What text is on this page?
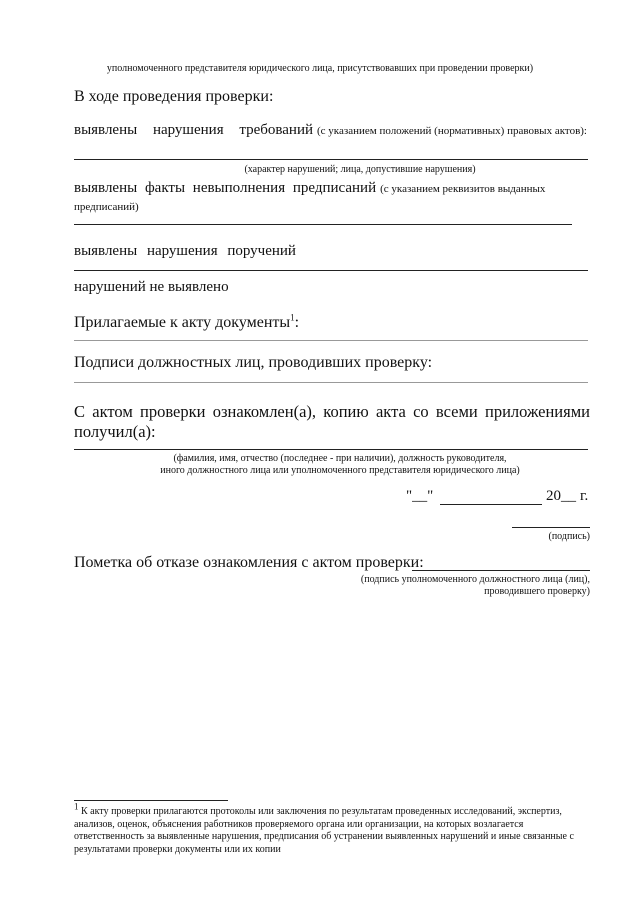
уполномоченного представителя юридического лица, присутствовавших при проведении проверки)
В ходе проведения проверки:
выявлены нарушения требований (с указанием положений (нормативных) правовых актов):
(характер нарушений; лица, допустившие нарушения)
выявлены факты невыполнения предписаний (с указанием реквизитов выданных предписаний)
выявлены нарушения поручений
нарушений не выявлено
Прилагаемые к акту документы$^1$:
Подписи должностных лиц, проводивших проверку:
С актом проверки ознакомлен(а), копию акта со всеми приложениями получил(а):
(фамилия, имя, отчество (последнее - при наличии), должность руководителя,
иного должностного лица или уполномоченного представителя юридического лица)
"__"	20__ г.
(подпись)
Пометка об отказе ознакомления с актом проверки:
(подпись уполномоченного должностного лица (лиц),
проводившего проверку)
$^1$ К акту проверки прилагаются протоколы или заключения по результатам проведенных исследований, экспертиз, анализов, оценок, объяснения работников проверяемого органа или организации, на которых возлагается ответственность за выявленные нарушения, предписания об устранении выявленных нарушений и иные связанные с результатами проверки документы или их копии
